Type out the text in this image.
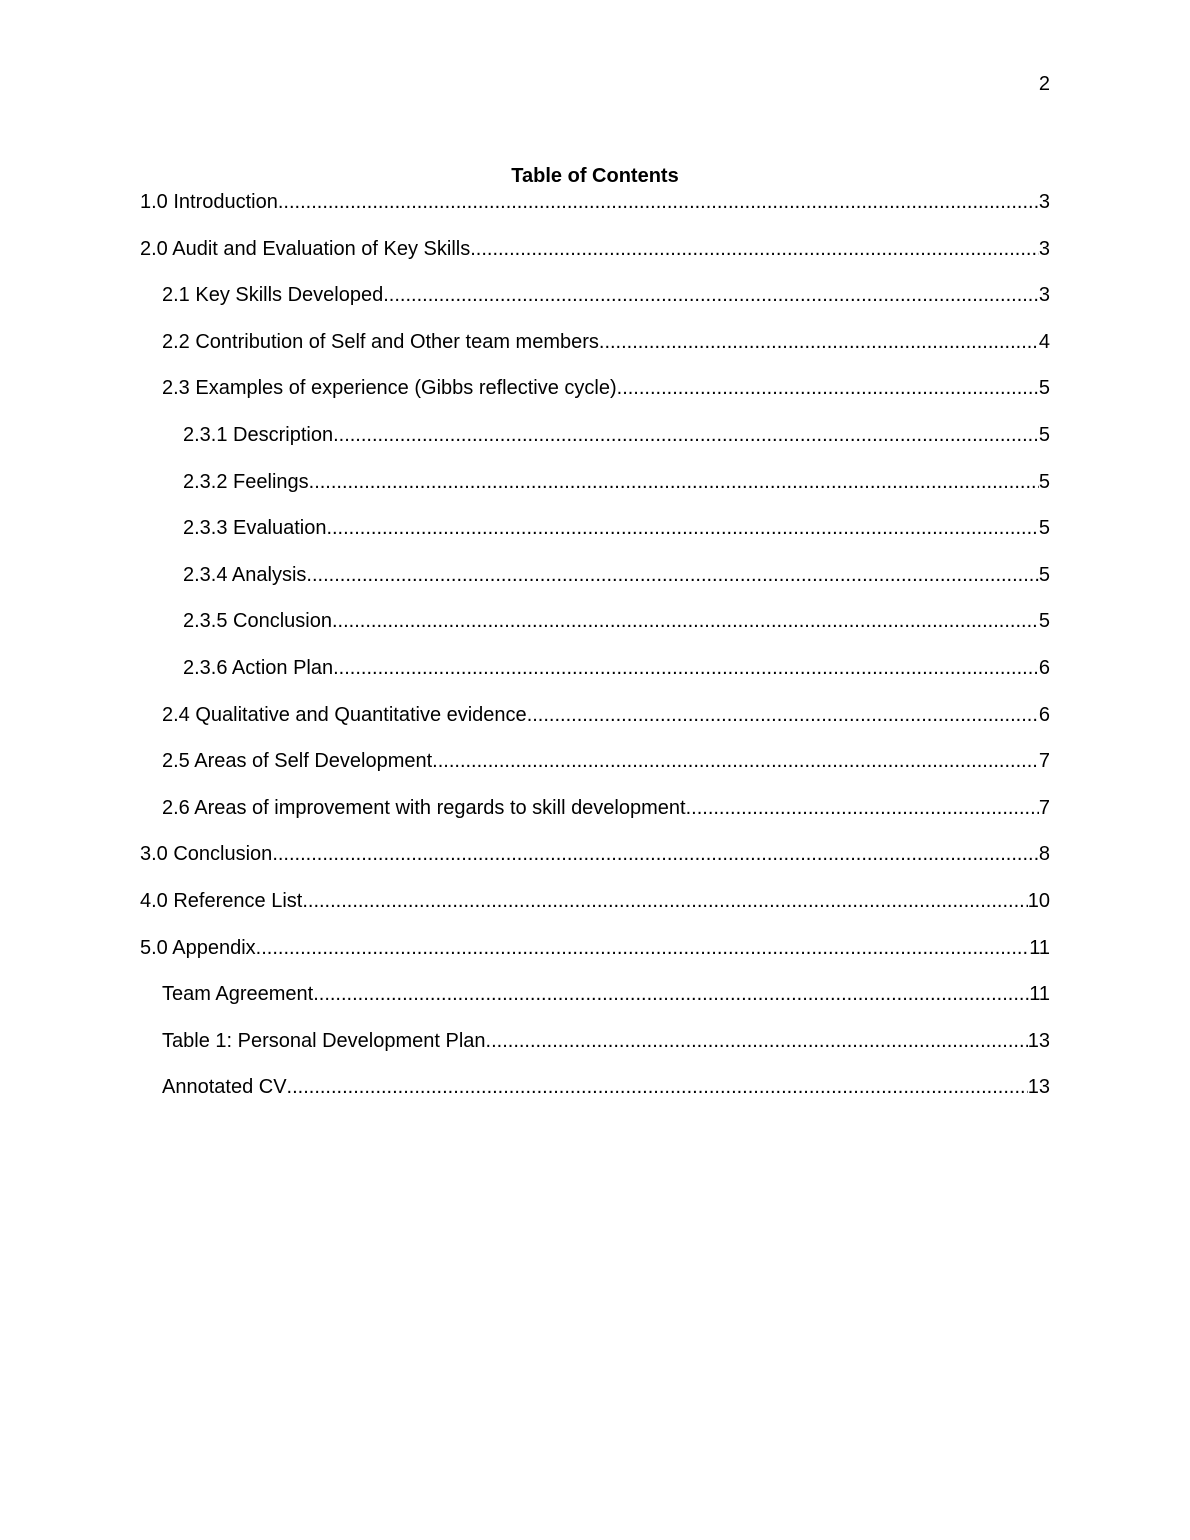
2
Table of Contents
1.0 Introduction .....	3
2.0 Audit and Evaluation of Key Skills .....	3
2.1 Key Skills Developed .....	3
2.2 Contribution of Self and Other team members .....	4
2.3 Examples of experience (Gibbs reflective cycle) .....	5
2.3.1 Description .....	5
2.3.2 Feelings .....	5
2.3.3 Evaluation .....	5
2.3.4 Analysis .....	5
2.3.5 Conclusion .....	5
2.3.6 Action Plan .....	6
2.4 Qualitative and Quantitative evidence .....	6
2.5 Areas of Self Development .....	7
2.6 Areas of improvement with regards to skill development .....	7
3.0 Conclusion .....	8
4.0 Reference List .....	10
5.0 Appendix .....	11
Team Agreement .....	11
Table 1: Personal Development Plan .....	13
Annotated CV .....	13
